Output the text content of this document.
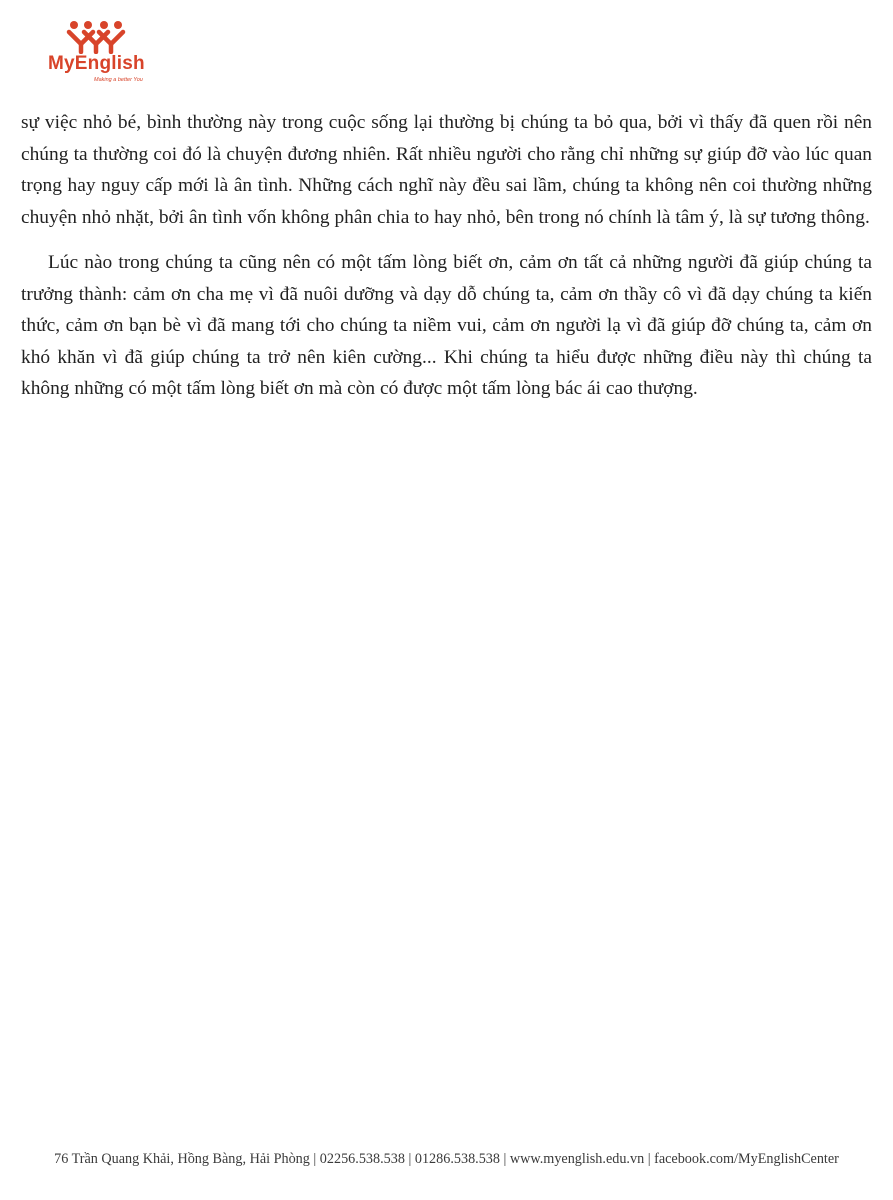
MyEnglish
Making a better You

sự việc nhỏ bé, bình thường này trong cuộc sống lại thường bị chúng ta bỏ qua, bởi vì thấy đã quen rồi nên chúng ta thường coi đó là chuyện đương nhiên. Rất nhiều người cho rằng chỉ những sự giúp đỡ vào lúc quan trọng hay nguy cấp mới là ân tình. Những cách nghĩ này đều sai lầm, chúng ta không nên coi thường những chuyện nhỏ nhặt, bởi ân tình vốn không phân chia to hay nhỏ, bên trong nó chính là tâm ý, là sự tương thông.

Lúc nào trong chúng ta cũng nên có một tấm lòng biết ơn, cảm ơn tất cả những người đã giúp chúng ta trưởng thành: cảm ơn cha mẹ vì đã nuôi dưỡng và dạy dỗ chúng ta, cảm ơn thầy cô vì đã dạy chúng ta kiến thức, cảm ơn bạn bè vì đã mang tới cho chúng ta niềm vui, cảm ơn người lạ vì đã giúp đỡ chúng ta, cảm ơn khó khăn vì đã giúp chúng ta trở nên kiên cường... Khi chúng ta hiểu được những điều này thì chúng ta không những có một tấm lòng biết ơn mà còn có được một tấm lòng bác ái cao thượng.

76 Trần Quang Khải, Hồng Bàng, Hải Phòng | 02256.538.538 | 01286.538.538 | www.myenglish.edu.vn | facebook.com/MyEnglishCenter
